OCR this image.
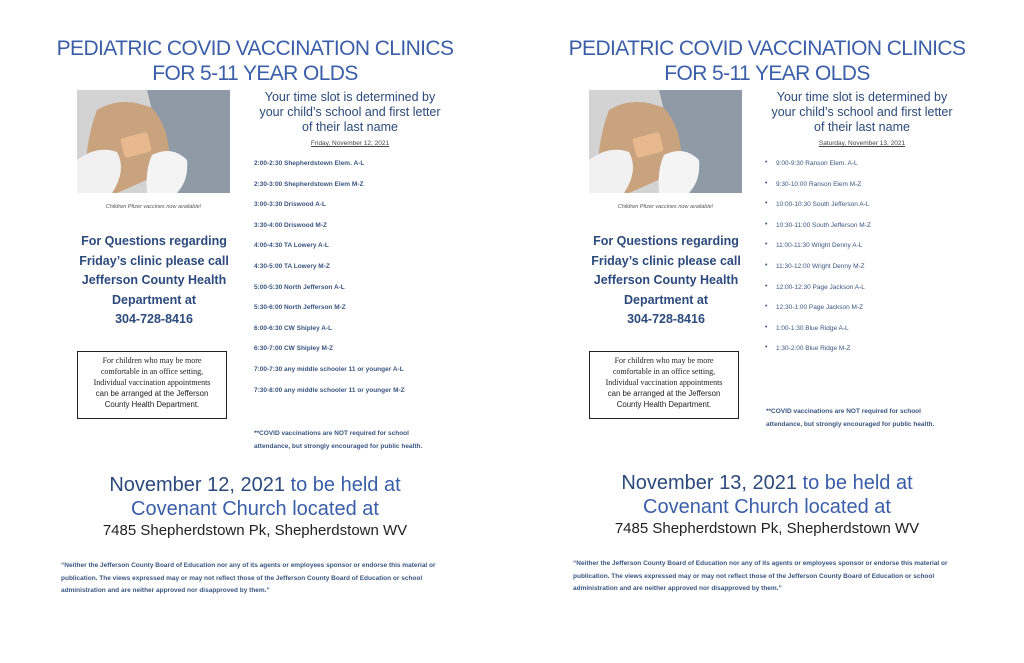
PEDIATRIC COVID VACCINATION CLINICS
FOR 5-11 YEAR OLDS
Children Pfizer vaccines now available!
For Questions regarding
Friday’s clinic please call
Jefferson County Health
Department at
304-728-8416
For children who may be more
comfortable in an office setting,
Individual vaccination appointments
can be arranged at the Jefferson
County Health Department.
Your time slot is determined by
your child’s school and first letter
of their last name
Friday, November 12, 2021
2:00-2:30 Shepherdstown Elem. A-L
2:30-3:00 Shepherdstown Elem M-Z
3:00-3:30 Driswood A-L
3:30-4:00 Driswood M-Z
4:00-4:30 TA Lowery A-L
4:30-5:00 TA Lowery M-Z
5:00-5:30 North Jefferson A-L
5:30-6:00 North Jefferson M-Z
6:00-6:30 CW Shipley A-L
6:30-7:00 CW Shipley M-Z
7:00-7:30 any middle schooler 11 or younger A-L
7:30-8:00 any middle schooler 11 or younger M-Z
**COVID vaccinations are NOT required for school attendance, but strongly encouraged for public health.
November 12, 2021 to be held at
Covenant Church located at
7485 Shepherdstown Pk, Shepherdstown WV
“Neither the Jefferson County Board of Education nor any of its agents or employees sponsor or endorse this material or publication. The views expressed may or may not reflect those of the Jefferson County Board of Education or school administration and are neither approved nor disapproved by them.”
PEDIATRIC COVID VACCINATION CLINICS
FOR 5-11 YEAR OLDS
Children Pfizer vaccines now available!
For Questions regarding
Friday’s clinic please call
Jefferson County Health
Department at
304-728-8416
For children who may be more
comfortable in an office setting,
Individual vaccination appointments
can be arranged at the Jefferson
County Health Department.
Your time slot is determined by
your child’s school and first letter
of their last name
Saturday, November 13, 2021
• 9:00-9:30 Ranson Elem. A-L
• 9:30-10:00 Ranson Elem M-Z
• 10:00-10:30 South Jefferson A-L
• 10:30-11:00 South Jefferson M-Z
• 11:00-11:30 Wright Denny A-L
• 11:30-12:00 Wright Denny M-Z
• 12:00-12:30 Page Jackson A-L
• 12:30-1:00 Page Jackson M-Z
• 1:00-1:30 Blue Ridge A-L
• 1:30-2:00 Blue Ridge M-Z
**COVID vaccinations are NOT required for school attendance, but strongly encouraged for public health.
November 13, 2021 to be held at
Covenant Church located at
7485 Shepherdstown Pk, Shepherdstown WV
“Neither the Jefferson County Board of Education nor any of its agents or employees sponsor or endorse this material or publication. The views expressed may or may not reflect those of the Jefferson County Board of Education or school administration and are neither approved nor disapproved by them.”
